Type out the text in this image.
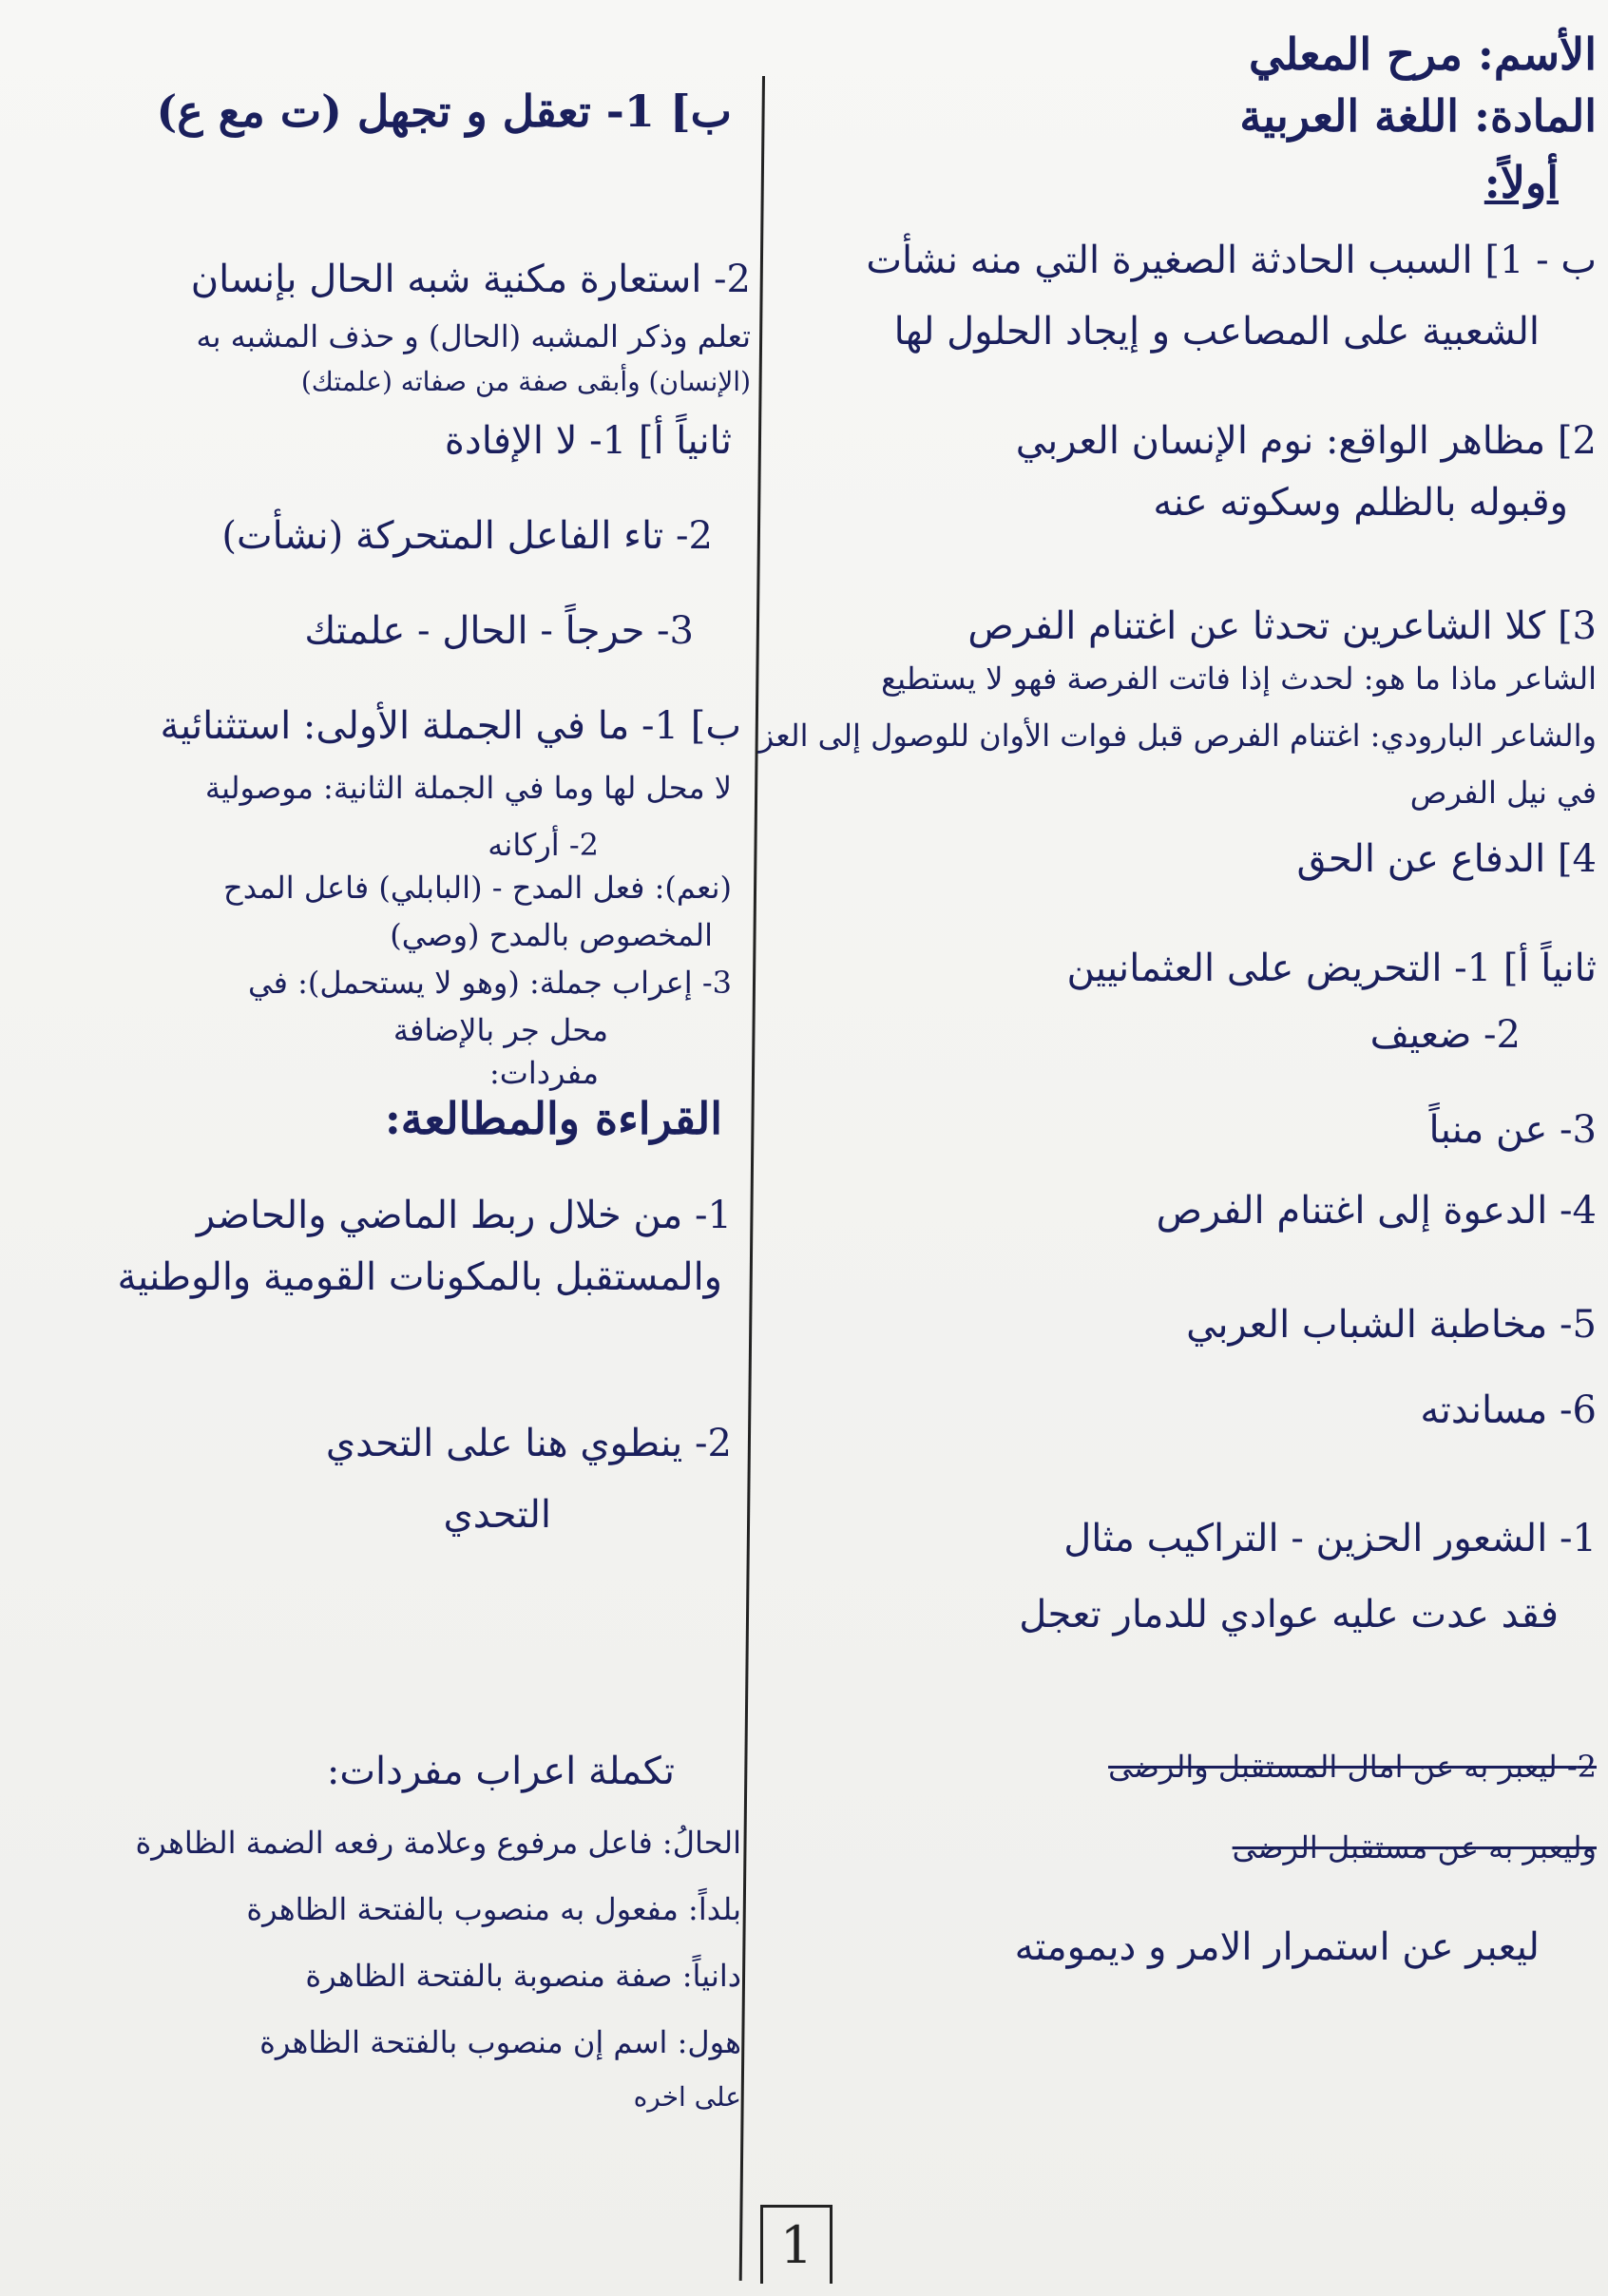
الأسم: مرح المعلي
المادة: اللغة العربية
أولاً:
ب - 1] السبب الحادثة الصغيرة التي منه نشأت
الشعبية على المصاعب و إيجاد الحلول لها
2] مظاهر الواقع: نوم الإنسان العربي
وقبوله بالظلم وسكوته عنه
3] كلا الشاعرين تحدثا عن اغتنام الفرص
الشاعر ماذا ما هو: لحدث إذا فاتت الفرصة فهو لا يستطيع
والشاعر البارودي: اغتنام الفرص قبل فوات الأوان للوصول إلى العز
في نيل الفرص
4] الدفاع عن الحق
ثانياً أ] 1- التحريض على العثمانيين
2- ضعيف
3- عن منباً
4- الدعوة إلى اغتنام الفرص
5- مخاطبة الشباب العربي
6- مساندته
1- الشعور الحزين - التراكيب مثال
فقد عدت عليه عوادي للدمار تعجل
2- ليعبر به عن امال المستقبل والرضى
وليعبر به عن مستقبل الرضى
ليعبر عن استمرار الامر و ديمومته
ب] 1- تعقل و تجهل (ت مع ع)
2- استعارة مكنية شبه الحال بإنسان
تعلم وذكر المشبه (الحال) و حذف المشبه به
(الإنسان) وأبقى صفة من صفاته (علمتك)
ثانياً أ] 1- لا الإفادة
2- تاء الفاعل المتحركة (نشأت)
3- حرجاً - الحال - علمتك
ب] 1- ما في الجملة الأولى: استثنائية
لا محل لها وما في الجملة الثانية: موصولية
2- أركانه
(نعم): فعل المدح - (البابلي) فاعل المدح
المخصوص بالمدح (وصي)
3- إعراب جملة: (وهو لا يستحمل): في
محل جر بالإضافة
مفردات:
القراءة والمطالعة:
1- من خلال ربط الماضي والحاضر
والمستقبل بالمكونات القومية والوطنية
2- ينطوي هنا على التحدي
التحدي
تكملة اعراب مفردات:
الحالُ: فاعل مرفوع وعلامة رفعه الضمة الظاهرة
بلداً: مفعول به منصوب بالفتحة الظاهرة
دانياً: صفة منصوبة بالفتحة الظاهرة
هول: اسم إن منصوب بالفتحة الظاهرة
على اخره
1
